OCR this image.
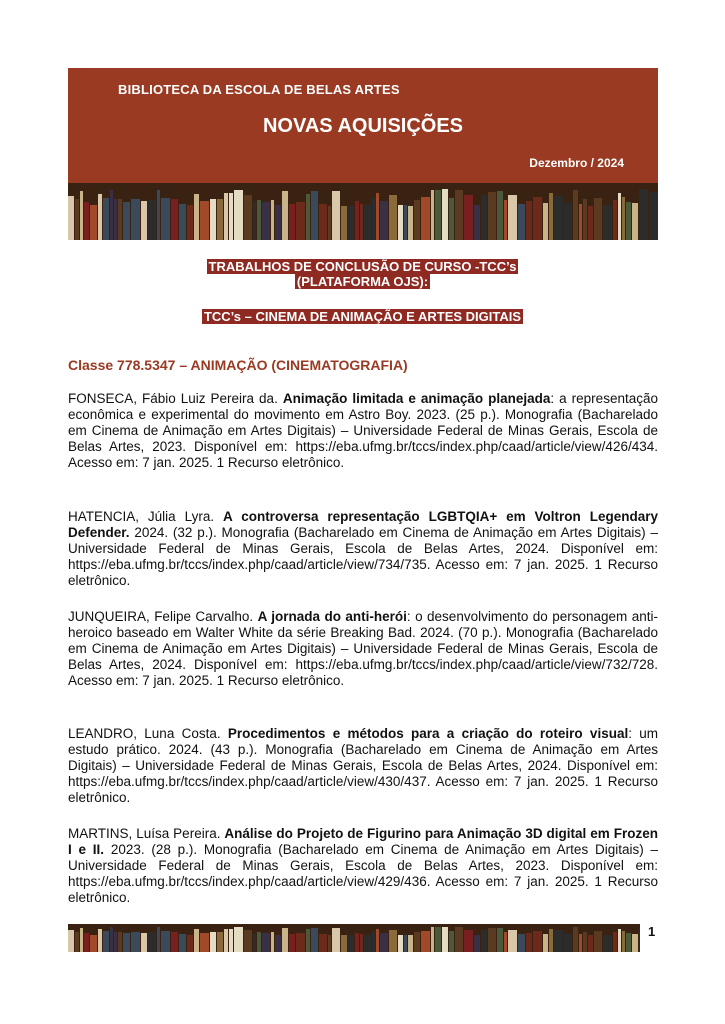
BIBLIOTECA DA ESCOLA DE BELAS ARTES
NOVAS AQUISIÇÕES
Dezembro / 2024
TRABALHOS DE CONCLUSÃO DE CURSO -TCC’s
(PLATAFORMA OJS):
TCC’s – CINEMA DE ANIMAÇÃO E ARTES DIGITAIS
Classe 778.5347 – ANIMAÇÃO (CINEMATOGRAFIA)
FONSECA, Fábio Luiz Pereira da. Animação limitada e animação planejada: a representação econômica e experimental do movimento em Astro Boy. 2023. (25 p.). Monografia (Bacharelado em Cinema de Animação em Artes Digitais) – Universidade Federal de Minas Gerais, Escola de Belas Artes, 2023. Disponível em: https://eba.ufmg.br/tccs/index.php/caad/article/view/426/434. Acesso em: 7 jan. 2025. 1 Recurso eletrônico.
HATENCIA, Júlia Lyra. A controversa representação LGBTQIA+ em Voltron Legendary Defender. 2024. (32 p.). Monografia (Bacharelado em Cinema de Animação em Artes Digitais) – Universidade Federal de Minas Gerais, Escola de Belas Artes, 2024. Disponível em: https://eba.ufmg.br/tccs/index.php/caad/article/view/734/735. Acesso em: 7 jan. 2025. 1 Recurso eletrônico.
JUNQUEIRA, Felipe Carvalho. A jornada do anti-herói: o desenvolvimento do personagem anti-heroico baseado em Walter White da série Breaking Bad. 2024. (70 p.). Monografia (Bacharelado em Cinema de Animação em Artes Digitais) – Universidade Federal de Minas Gerais, Escola de Belas Artes, 2024. Disponível em: https://eba.ufmg.br/tccs/index.php/caad/article/view/732/728. Acesso em: 7 jan. 2025. 1 Recurso eletrônico.
LEANDRO, Luna Costa. Procedimentos e métodos para a criação do roteiro visual: um estudo prático. 2024. (43 p.). Monografia (Bacharelado em Cinema de Animação em Artes Digitais) – Universidade Federal de Minas Gerais, Escola de Belas Artes, 2024. Disponível em: https://eba.ufmg.br/tccs/index.php/caad/article/view/430/437. Acesso em: 7 jan. 2025. 1 Recurso eletrônico.
MARTINS, Luísa Pereira. Análise do Projeto de Figurino para Animação 3D digital em Frozen I e II. 2023. (28 p.). Monografia (Bacharelado em Cinema de Animação em Artes Digitais) – Universidade Federal de Minas Gerais, Escola de Belas Artes, 2023. Disponível em: https://eba.ufmg.br/tccs/index.php/caad/article/view/429/436. Acesso em: 7 jan. 2025. 1 Recurso eletrônico.
1
